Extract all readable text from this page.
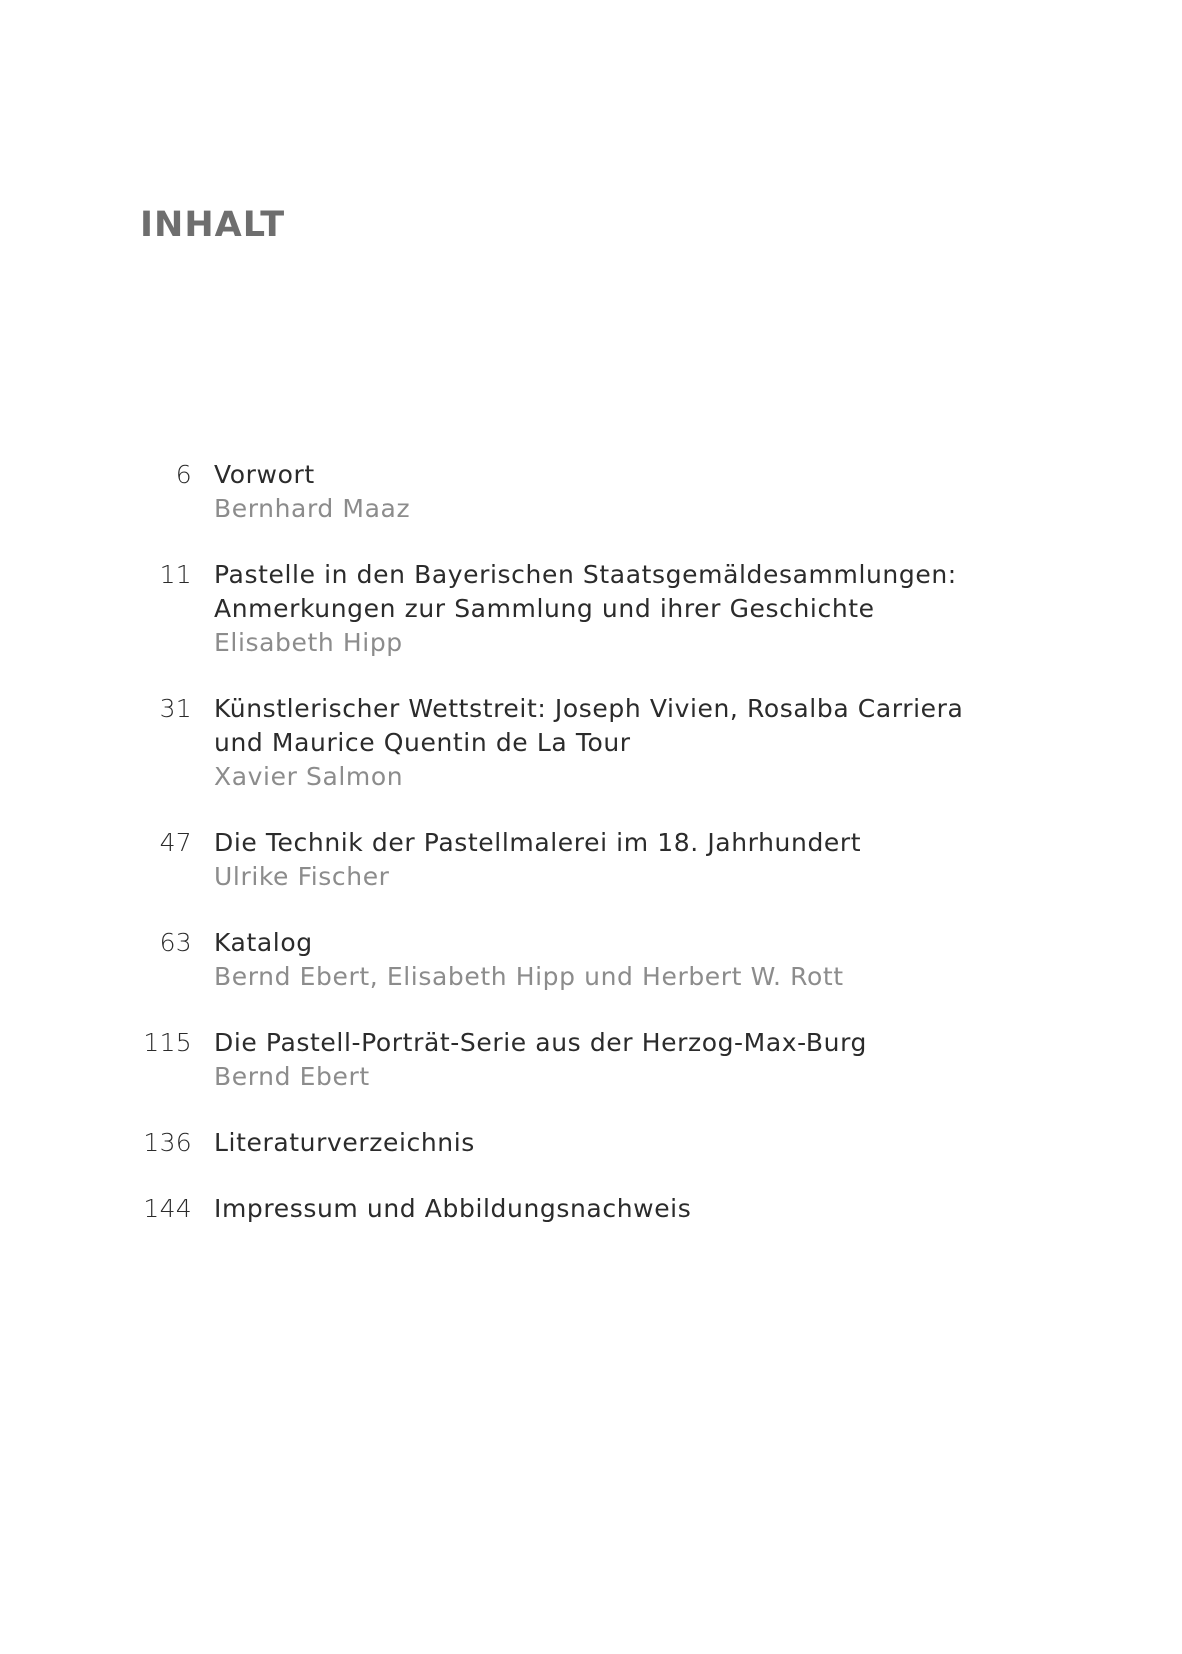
INHALT
6 Vorwort
Bernhard Maaz
11 Pastelle in den Bayerischen Staatsgemäldesammlungen:
Anmerkungen zur Sammlung und ihrer Geschichte
Elisabeth Hipp
31 Künstlerischer Wettstreit: Joseph Vivien, Rosalba Carriera
und Maurice Quentin de La Tour
Xavier Salmon
47 Die Technik der Pastellmalerei im 18. Jahrhundert
Ulrike Fischer
63 Katalog
Bernd Ebert, Elisabeth Hipp und Herbert W. Rott
115 Die Pastell-Porträt-Serie aus der Herzog-Max-Burg
Bernd Ebert
136 Literaturverzeichnis
144 Impressum und Abbildungsnachweis
